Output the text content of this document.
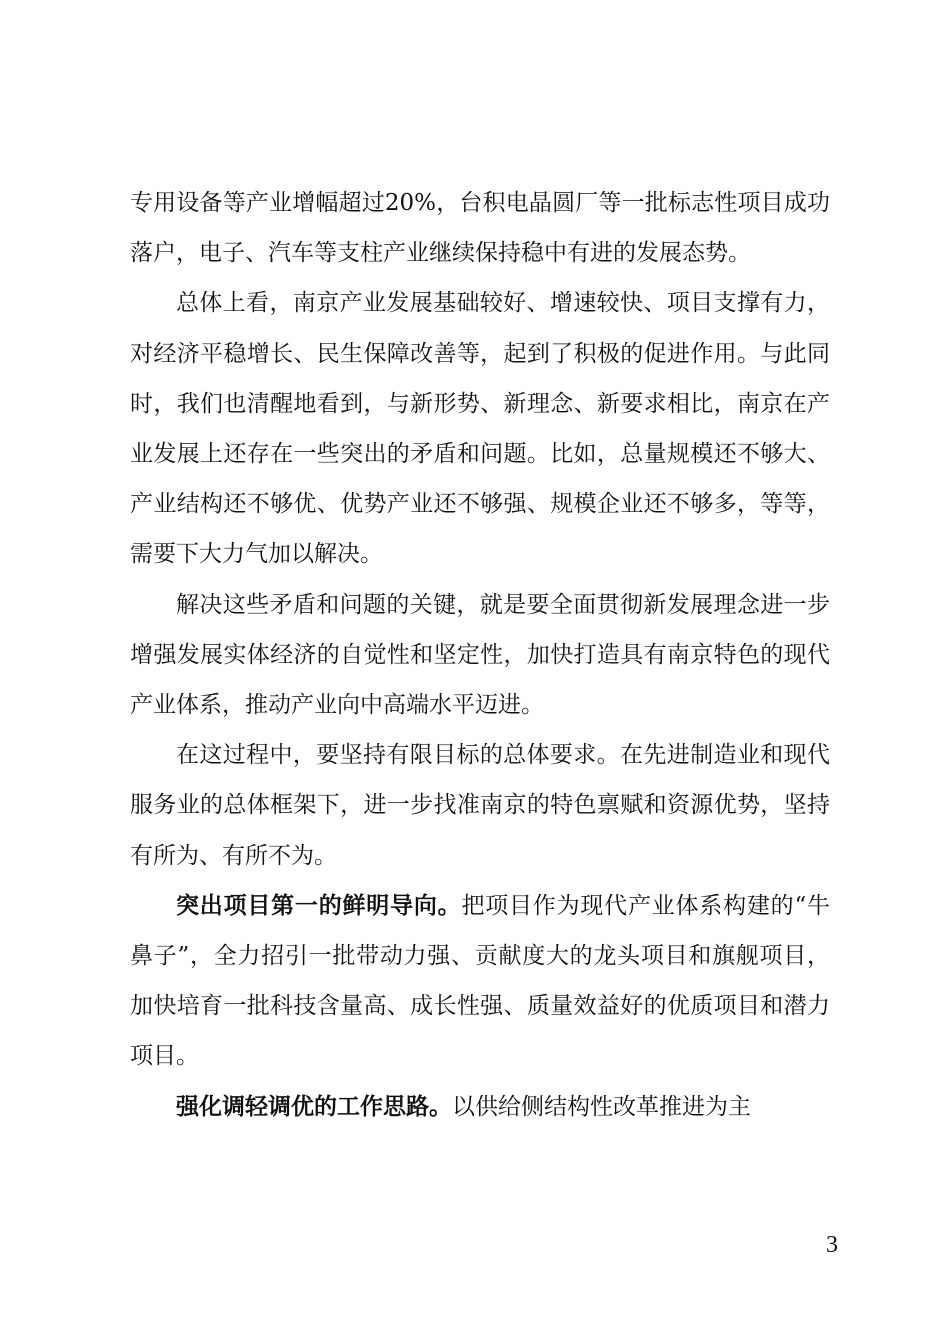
专用设备等产业增幅超过20%，台积电晶圆厂等一批标志性项目成功落户，电子、汽车等支柱产业继续保持稳中有进的发展态势。

总体上看，南京产业发展基础较好、增速较快、项目支撑有力，对经济平稳增长、民生保障改善等，起到了积极的促进作用。与此同时，我们也清醒地看到，与新形势、新理念、新要求相比，南京在产业发展上还存在一些突出的矛盾和问题。比如，总量规模还不够大、产业结构还不够优、优势产业还不够强、规模企业还不够多，等等，需要下大力气加以解决。

解决这些矛盾和问题的关键，就是要全面贯彻新发展理念进一步增强发展实体经济的自觉性和坚定性，加快打造具有南京特色的现代产业体系，推动产业向中高端水平迈进。

在这过程中，要坚持有限目标的总体要求。在先进制造业和现代服务业的总体框架下，进一步找准南京的特色禀赋和资源优势，坚持有所为、有所不为。

突出项目第一的鲜明导向。把项目作为现代产业体系构建的“牛鼻子”，全力招引一批带动力强、贡献度大的龙头项目和旗舰项目，加快培育一批科技含量高、成长性强、质量效益好的优质项目和潜力项目。

强化调轻调优的工作思路。以供给侧结构性改革推进为主

3
